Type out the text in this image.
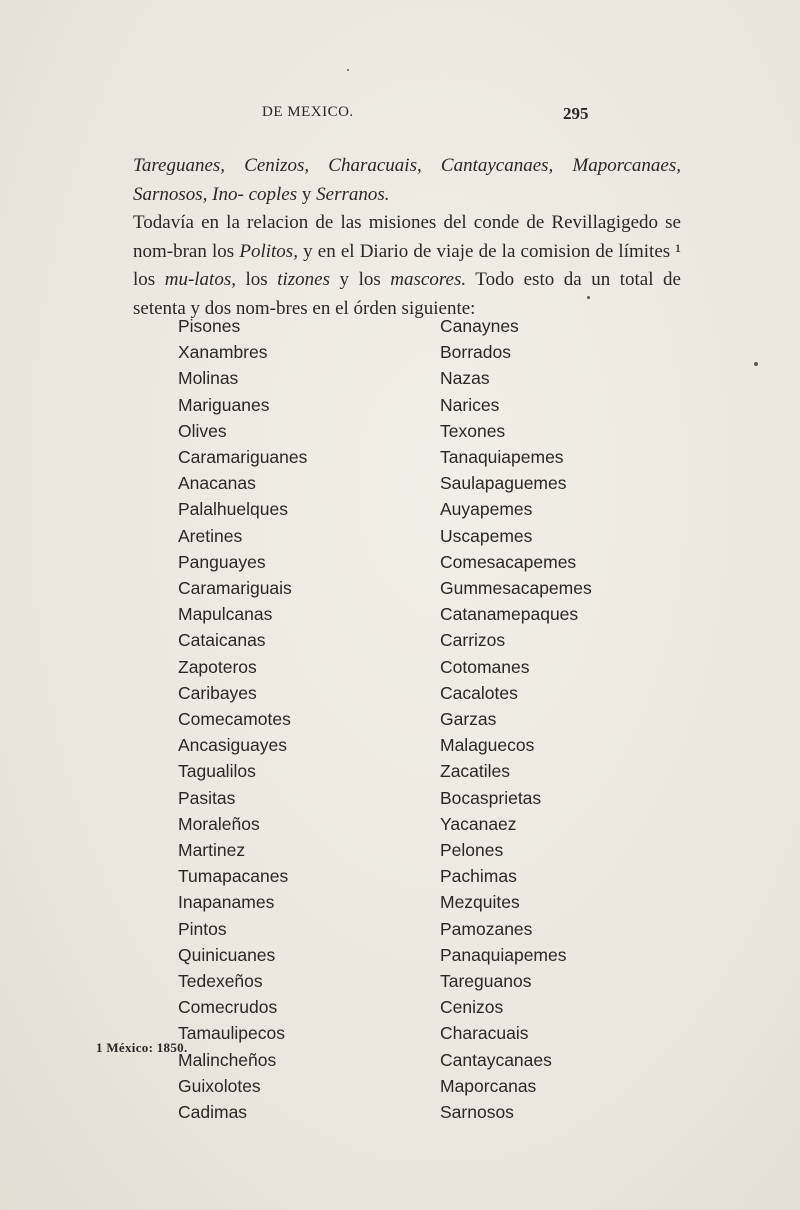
DE MEXICO.	295

Tareguanes, Cenizos, Characuais, Cantaycanaes, Maporcanaes, Sarnosos, Ino- coples y Serranos.

Todavía en la relacion de las misiones del conde de Revillagigedo se nom-bran los Politos, y en el Diario de viaje de la comision de límites ¹ los mu-latos, los tizones y los mascores. Todo esto da un total de setenta y dos nom-bres en el órden siguiente:

Pisones
Xanambres
Molinas
Mariguanes
Olives
Caramariguanes
Anacanas
Palalhuelques
Aretines
Panguayes
Caramariguais
Mapulcanas
Cataicanas
Zapoteros
Caribayes
Comecamotes
Ancasiguayes
Tagualilos
Pasitas
Moraleños
Martinez
Tumapacanes
Inapanames
Pintos
Quinicuanes
Tedexeños
Comecrudos
Tamaulipecos
Malincheños
Guixolotes
Cadimas
Canaynes
Borrados
Nazas
Narices
Texones
Tanaquiapemes
Saulapaguemes
Auyapemes
Uscapemes
Comesacapemes
Gummesacapemes
Catanamepaques
Carrizos
Cotomanes
Cacalotes
Garzas
Malaguecos
Zacatiles
Bocasprietas
Yacanaez
Pelones
Pachimas
Mezquites
Pamozanes
Panaquiapemes
Tareguanos
Cenizos
Characuais
Cantaycanaes
Maporcanas
Sarnosos
1 México: 1850.
